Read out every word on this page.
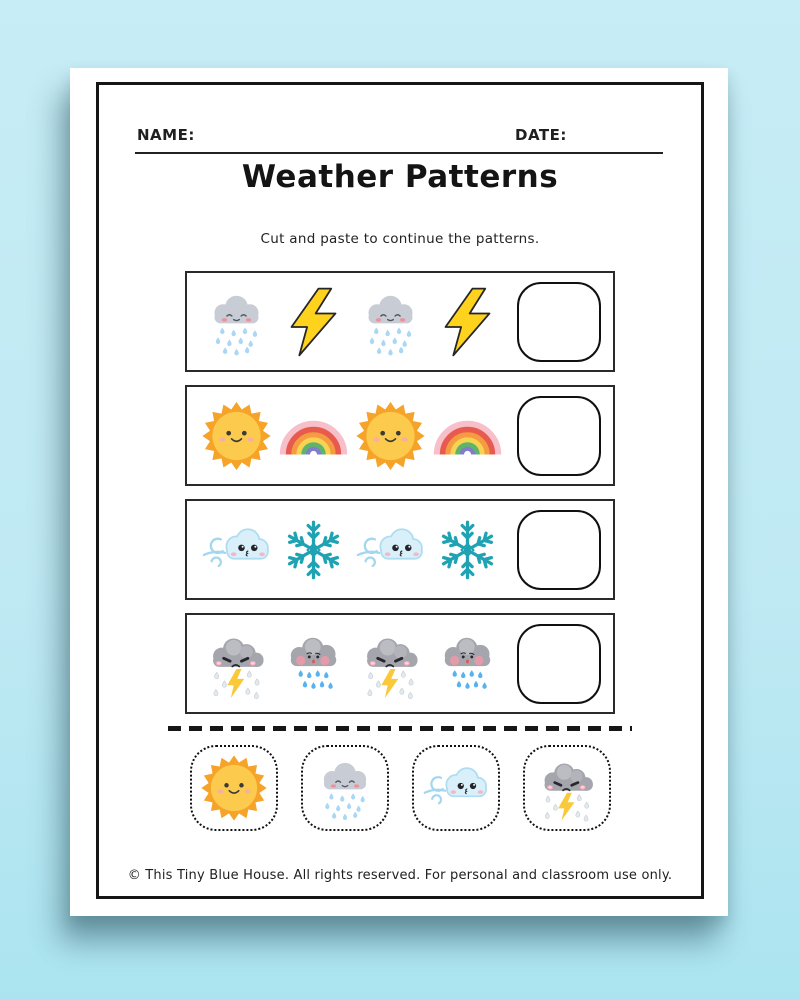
NAME:	DATE:
Weather Patterns
Cut and paste to continue the patterns.
© This Tiny Blue House. All rights reserved. For personal and classroom use only.
